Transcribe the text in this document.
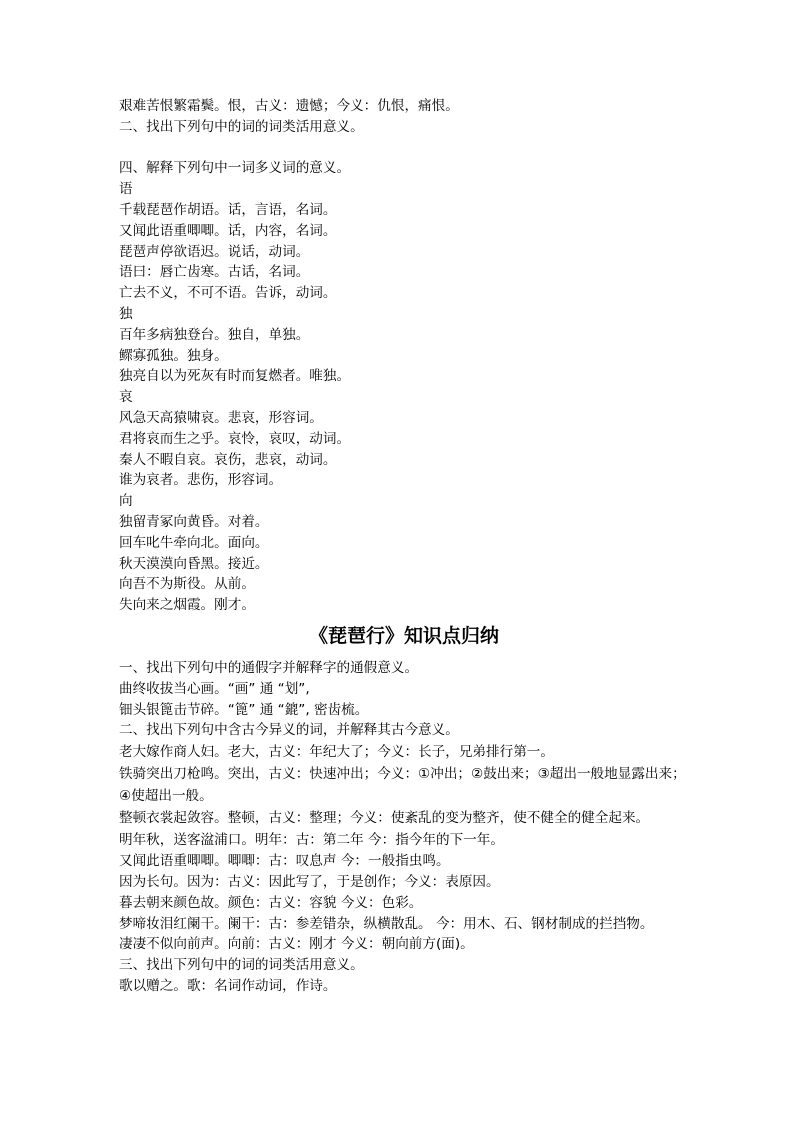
艰难苦恨繁霜鬓。恨，古义：遗憾；今义：仇恨，痛恨。

二、找出下列句中的词的词类活用意义。

四、解释下列句中一词多义词的意义。

语

千载琵琶作胡语。话，言语，名词。

又闻此语重唧唧。话，内容，名词。

琵琶声停欲语迟。说话，动词。

语曰：唇亡齿寒。古话，名词。

亡去不义，不可不语。告诉，动词。

独

百年多病独登台。独自，单独。

鳏寡孤独。独身。

独亮自以为死灰有时而复燃者。唯独。

哀

风急天高猿啸哀。悲哀，形容词。

君将哀而生之乎。哀怜，哀叹，动词。

秦人不暇自哀。哀伤，悲哀，动词。

谁为哀者。悲伤，形容词。

向

独留青冢向黄昏。对着。

回车叱牛牵向北。面向。

秋天漠漠向昏黑。接近。

向吾不为斯役。从前。

失向来之烟霞。刚才。

《琵琶行》知识点归纳

一、找出下列句中的通假字并解释字的通假意义。

曲终收拔当心画。“画” 通 “划”,

钿头银篦击节碎。“篦” 通 “鎞”, 密齿梳。

二、找出下列句中含古今异义的词，并解释其古今意义。

老大嫁作商人妇。老大，古义：年纪大了；今义：长子，兄弟排行第一。

铁骑突出刀枪鸣。突出，古义：快速冲出；今义：①冲出；②鼓出来；③超出一般地显露出来；④使超出一般。

整顿衣裳起敛容。整顿，古义：整理；今义：使紊乱的变为整齐，使不健全的健全起来。

明年秋，送客湓浦口。明年：古：第二年 今：指今年的下一年。

又闻此语重唧唧。唧唧：古：叹息声 今：一般指虫鸣。

因为长句。因为：古义：因此写了，于是创作；今义：表原因。

暮去朝来颜色故。颜色：古义：容貌 今义：色彩。

梦啼妆泪红阑干。阑干：古：参差错杂，纵横散乱。 今：用木、石、钢材制成的拦挡物。

凄凄不似向前声。向前：古义：刚才 今义：朝向前方(面)。

三、找出下列句中的词的词类活用意义。

歌以赠之。歌：名词作动词，作诗。
